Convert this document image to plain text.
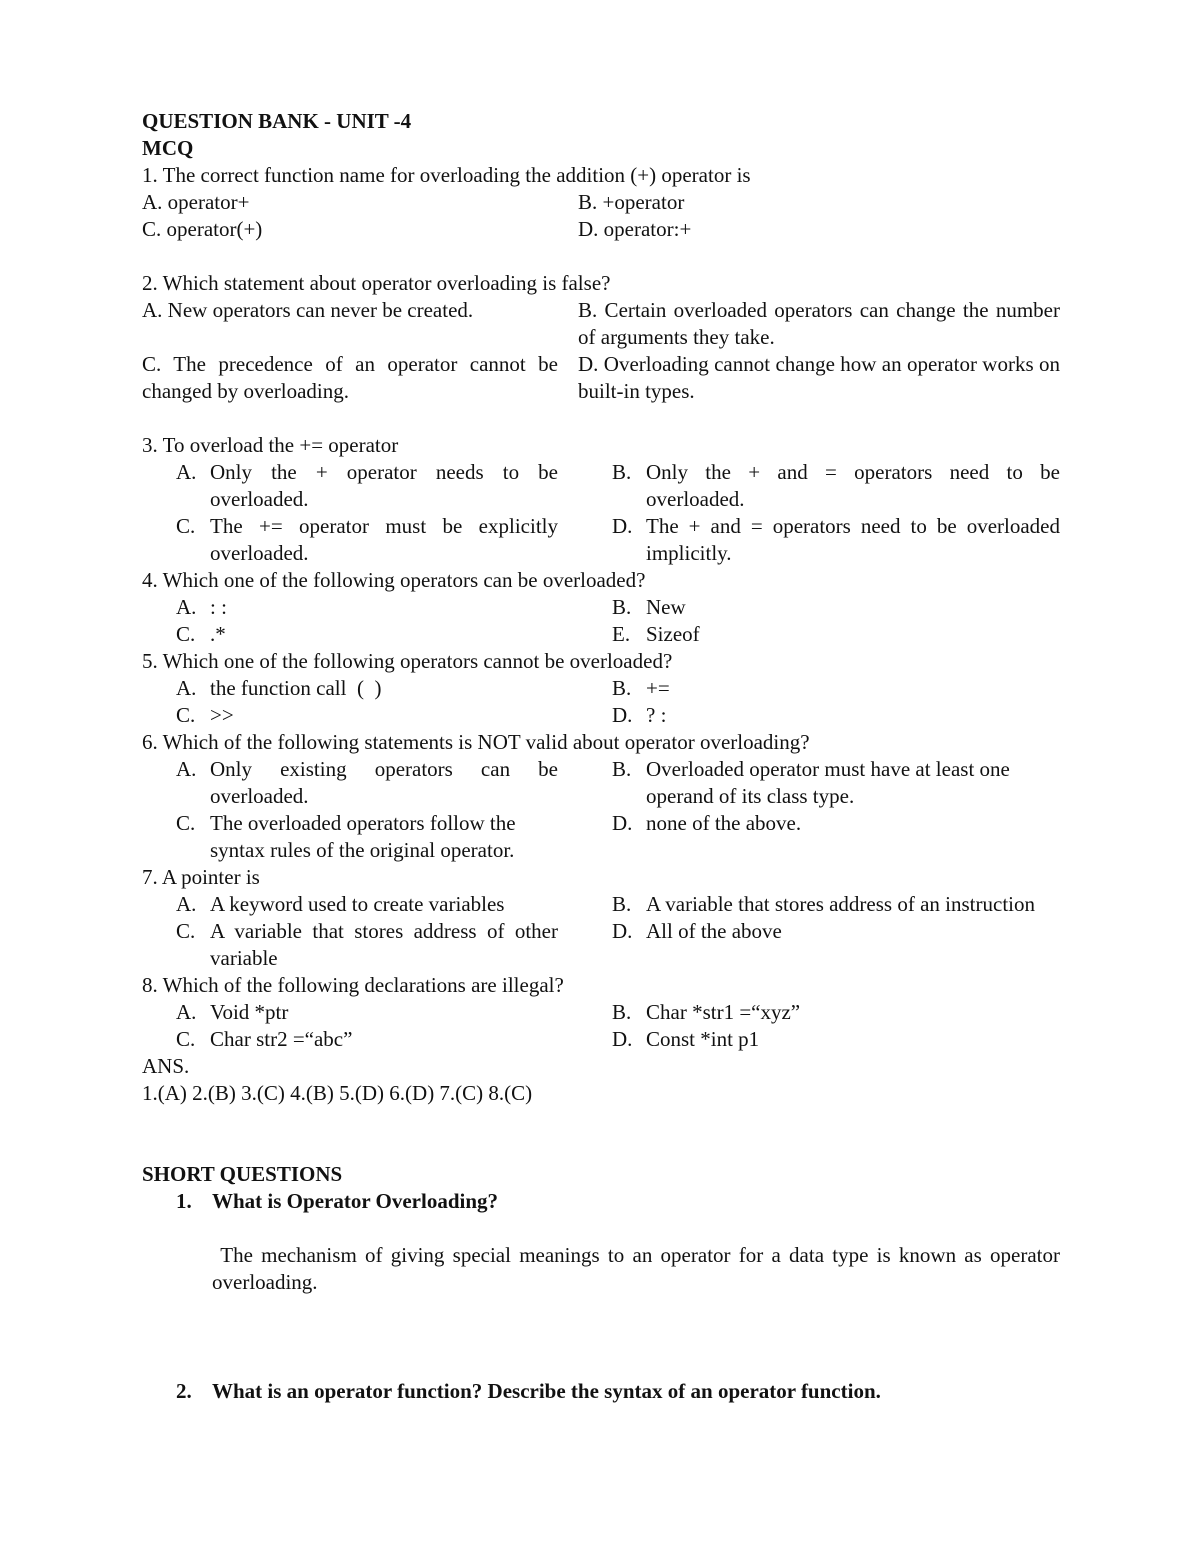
QUESTION BANK - UNIT -4
MCQ
1. The correct function name for overloading the addition (+) operator is
A. operator+	B. +operator
C. operator(+)	D. operator:+
2. Which statement about operator overloading is false?
A. New operators can never be created.	B. Certain overloaded operators can change the number of arguments they take.
C. The precedence of an operator cannot be changed by overloading.
D. Overloading cannot change how an operator works on built-in types.
3. To overload the += operator
A. Only the + operator needs to be overloaded.
B. Only the + and = operators need to be overloaded.
C. The += operator must be explicitly overloaded.
D. The + and = operators need to be overloaded implicitly.
4. Which one of the following operators can be overloaded?
A. : :	B. New
C. .*	E. Sizeof
5. Which one of the following operators cannot be overloaded?
A. the function call  (  )	B. +=
C. >>	D. ? :
6. Which of the following statements is NOT valid about operator overloading?
A. Only existing operators can be overloaded.
B. Overloaded operator must have at least one operand of its class type.
C. The overloaded operators follow the syntax rules of the original operator.
D. none of the above.
7. A pointer is
A. A keyword used to create variables	B. A variable that stores address of an instruction
C. A variable that stores address of other variable
D. All of the above
8. Which of the following declarations are illegal?
A. Void *ptr	B. Char *str1 =“xyz”
C. Char str2 =“abc”	D. Const *int p1
ANS.
1.(A) 2.(B) 3.(C) 4.(B) 5.(D) 6.(D) 7.(C) 8.(C)
SHORT QUESTIONS
1. What is Operator Overloading?
The mechanism of giving special meanings to an operator for a data type is known as operator overloading.
2. What is an operator function? Describe the syntax of an operator function.
